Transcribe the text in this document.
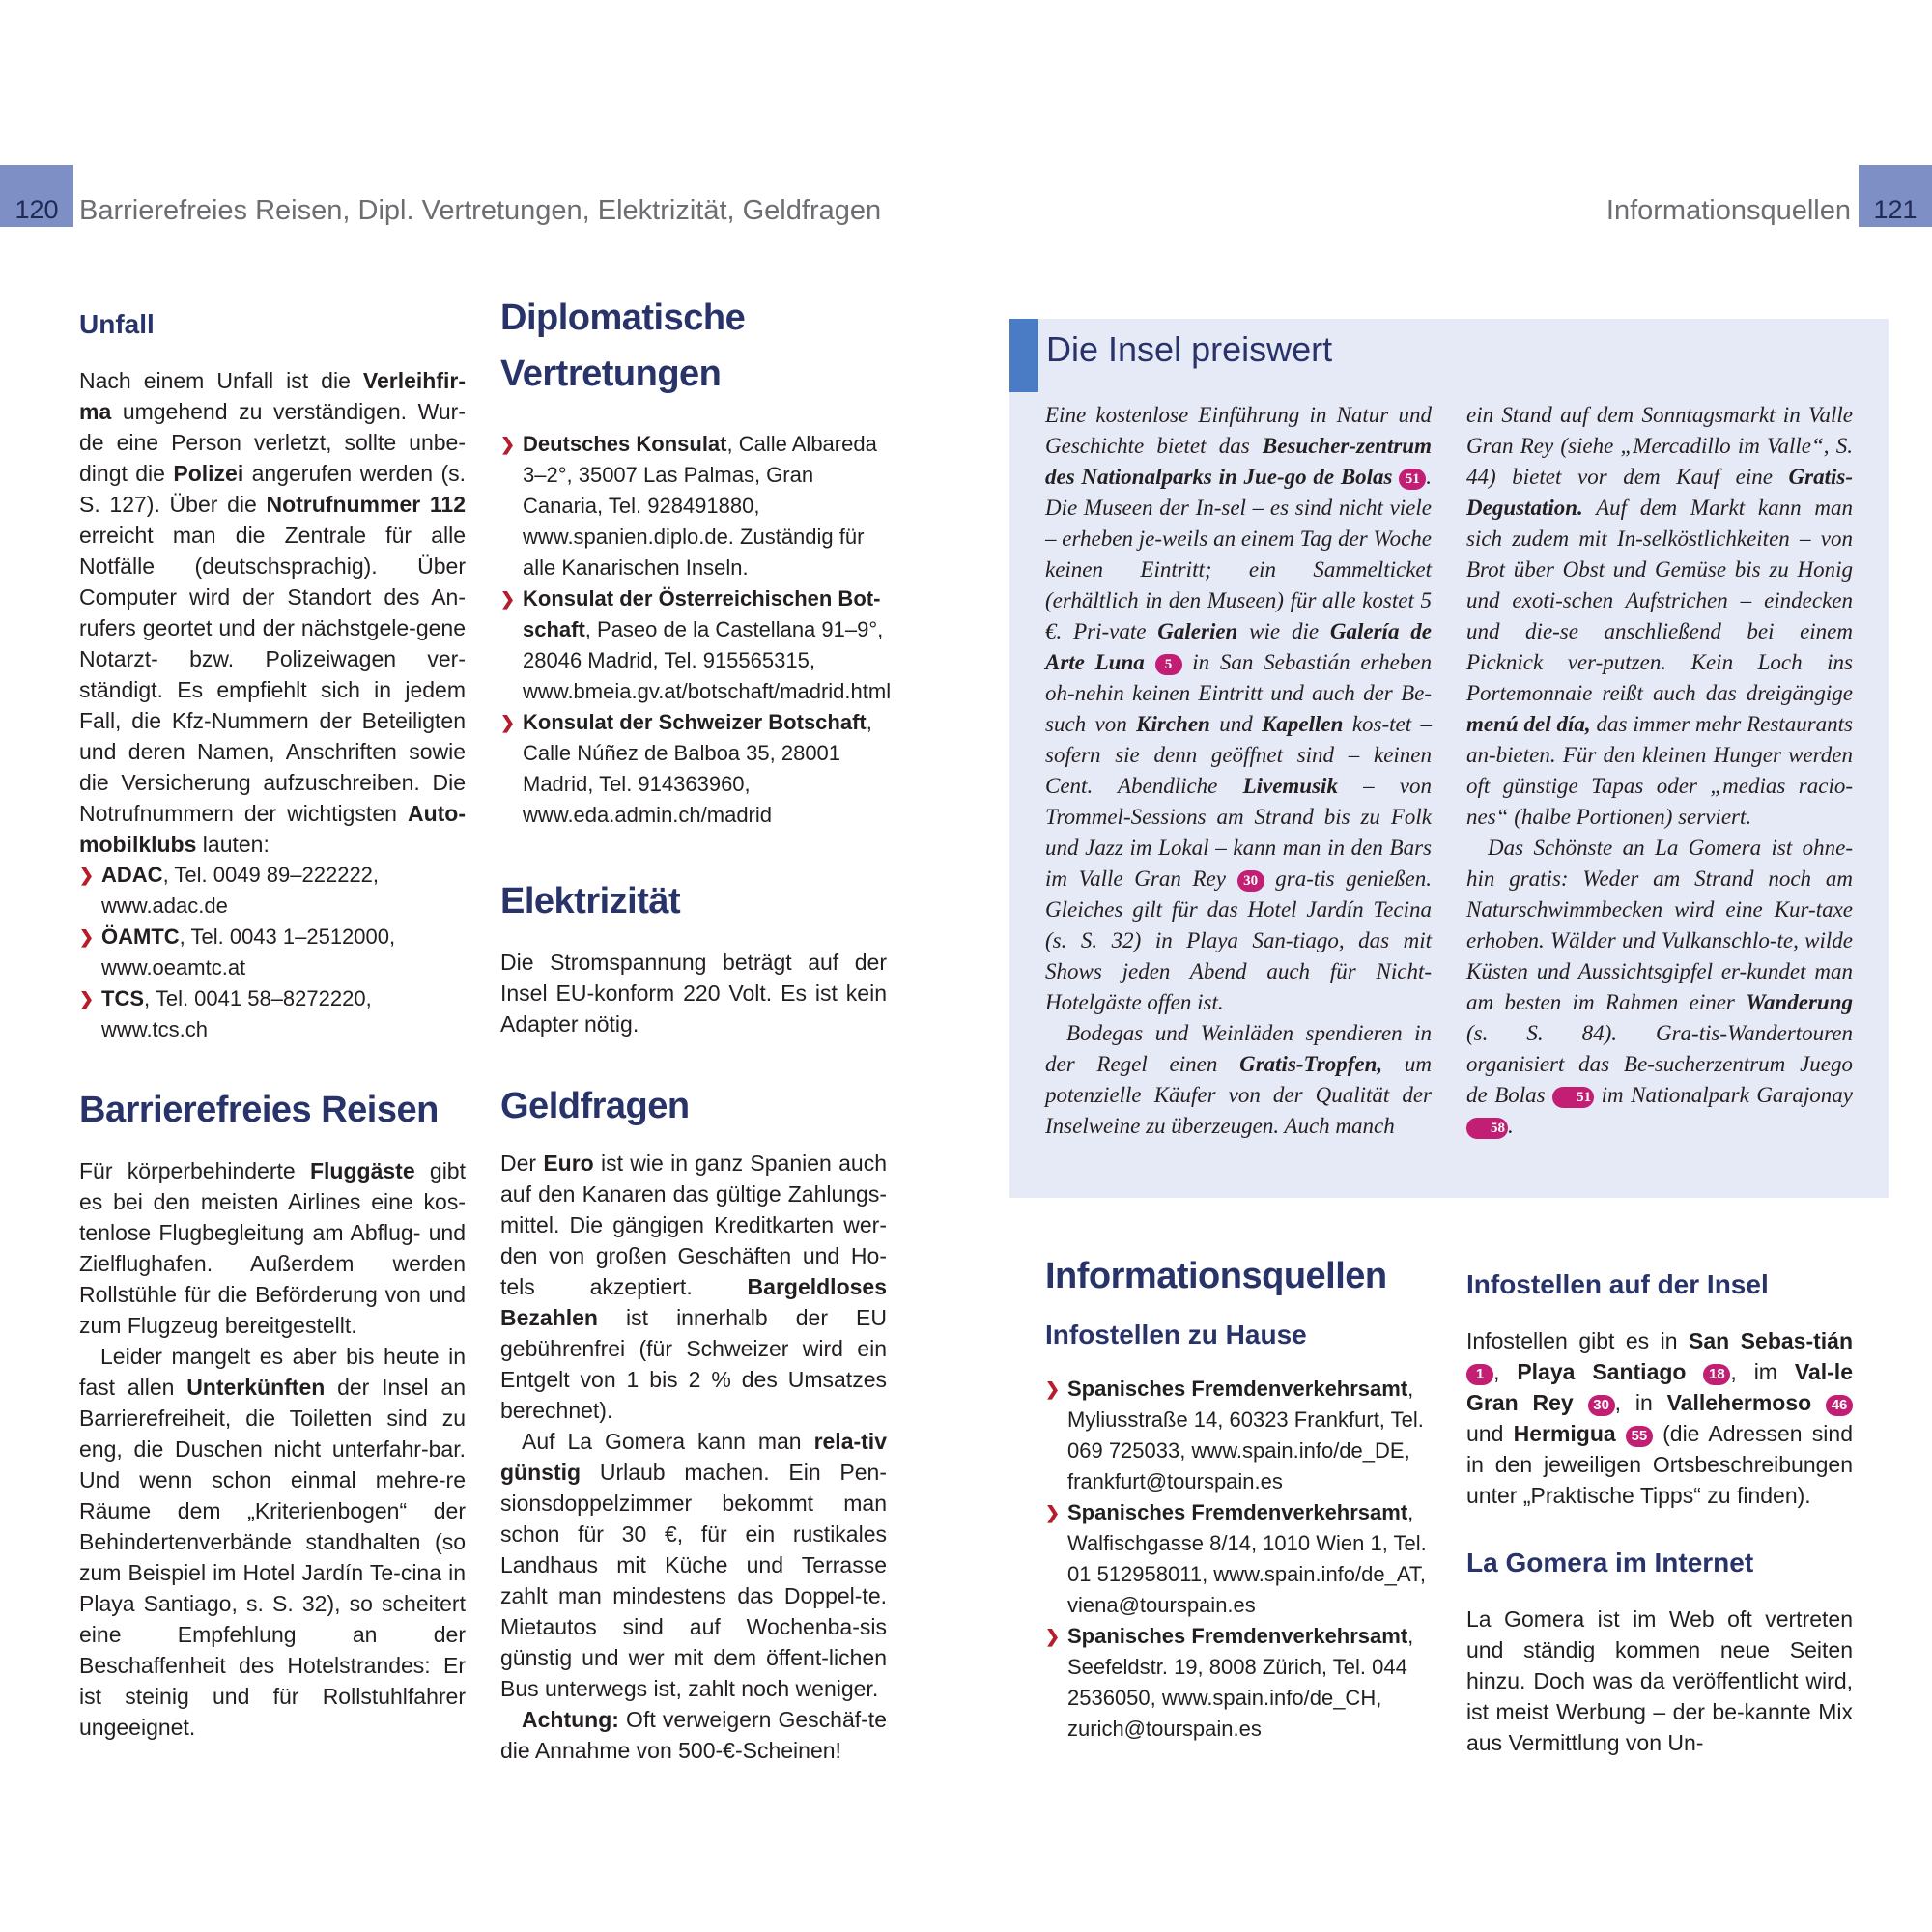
120 Barrierefreies Reisen, Dipl. Vertretungen, Elektrizität, Geldfragen	Informationsquellen 121
Unfall

Nach einem Unfall ist die Verleihfir-ma umgehend zu verständigen. Wur-de eine Person verletzt, sollte unbe-dingt die Polizei angerufen werden (s. S. 127). Über die Notrufnummer 112 erreicht man die Zentrale für alle Notfälle (deutschsprachig). Über Computer wird der Standort des An-rufers geortet und der nächstgele-gene Notarzt- bzw. Polizeiwagen ver-ständigt. Es empfiehlt sich in jedem Fall, die Kfz-Nummern der Beteiligten und deren Namen, Anschriften sowie die Versicherung aufzuschreiben. Die Notrufnummern der wichtigsten Auto-mobilklubs lauten:

❯ ADAC, Tel. 0049 89–222222, www.adac.de
❯ ÖAMTC, Tel. 0043 1–2512000, www.oeamtc.at
❯ TCS, Tel. 0041 58–8272220, www.tcs.ch
Barrierefreies Reisen

Für körperbehinderte Fluggäste gibt es bei den meisten Airlines eine kos-tenlose Flugbegleitung am Abflug- und Zielflughafen. Außerdem werden Rollstühle für die Beförderung von und zum Flugzeug bereitgestellt.

Leider mangelt es aber bis heute in fast allen Unterkünften der Insel an Barrierefreiheit, die Toiletten sind zu eng, die Duschen nicht unterfahr-bar. Und wenn schon einmal mehre-re Räume dem „Kriterienbogen“ der Behindertenverbände standhalten (so zum Beispiel im Hotel Jardín Te-cina in Playa Santiago, s. S. 32), so scheitert eine Empfehlung an der Beschaffenheit des Hotelstrandes: Er ist steinig und für Rollstuhlfahrer ungeeignet.

Diplomatische
Vertretungen
❯ Deutsches Konsulat, Calle Albareda 3–2°, 35007 Las Palmas, Gran Canaria, Tel. 928491880, www.spanien.diplo.de. Zuständig für alle Kanarischen Inseln.
❯ Konsulat der Österreichischen Bot-schaft, Paseo de la Castellana 91–9°, 28046 Madrid, Tel. 915565315, www.bmeia.gv.at/botschaft/madrid.html
❯ Konsulat der Schweizer Botschaft, Calle Núñez de Balboa 35, 28001 Madrid, Tel. 914363960, www.eda.admin.ch/madrid
Elektrizität

Die Stromspannung beträgt auf der Insel EU-konform 220 Volt. Es ist kein Adapter nötig.

Geldfragen

Der Euro ist wie in ganz Spanien auch auf den Kanaren das gültige Zahlungs-mittel. Die gängigen Kreditkarten wer-den von großen Geschäften und Ho-tels akzeptiert. Bargeldloses Bezahlen ist innerhalb der EU gebührenfrei (für Schweizer wird ein Entgelt von 1 bis 2 % des Umsatzes berechnet).

Auf La Gomera kann man rela-tiv günstig Urlaub machen. Ein Pen-sionsdoppelzimmer bekommt man schon für 30 €, für ein rustikales Landhaus mit Küche und Terrasse zahlt man mindestens das Doppel-te. Mietautos sind auf Wochenba-sis günstig und wer mit dem öffent-lichen Bus unterwegs ist, zahlt noch weniger.

Achtung: Oft verweigern Geschäf-te die Annahme von 500-€-Scheinen!

Die Insel preiswert

Eine kostenlose Einführung in Natur und Geschichte bietet das Besucher-zentrum des Nationalparks in Jue-go de Bolas 51 . Die Museen der In-sel – es sind nicht viele – erheben je-weils an einem Tag der Woche keinen Eintritt; ein Sammelticket (erhältlich in den Museen) für alle kostet 5 €. Pri-vate Galerien wie die Galería de Arte Luna 5 in San Sebastián erheben oh-nehin keinen Eintritt und auch der Be-such von Kirchen und Kapellen kos-tet – sofern sie denn geöffnet sind – keinen Cent. Abendliche Livemusik – von Trommel-Sessions am Strand bis zu Folk und Jazz im Lokal – kann man in den Bars im Valle Gran Rey 30 gra-tis genießen. Gleiches gilt für das Hotel Jardín Tecina (s. S. 32) in Playa San-tiago, das mit Shows jeden Abend auch für Nicht-Hotelgäste offen ist.

Bodegas und Weinläden spendieren in der Regel einen Gratis-Tropfen, um potenzielle Käufer von der Qualität der Inselweine zu überzeugen. Auch manch

ein Stand auf dem Sonntagsmarkt in Valle Gran Rey (siehe „Mercadillo im Valle“, S. 44) bietet vor dem Kauf eine Gratis-Degustation. Auf dem Markt kann man sich zudem mit In-selköstlichkeiten – von Brot über Obst und Gemüse bis zu Honig und exoti-schen Aufstrichen – eindecken und die-se anschließend bei einem Picknick ver-putzen. Kein Loch ins Portemonnaie reißt auch das dreigängige menú del día, das immer mehr Restaurants an-bieten. Für den kleinen Hunger werden oft günstige Tapas oder „medias racio-nes“ (halbe Portionen) serviert.

Das Schönste an La Gomera ist ohne-hin gratis: Weder am Strand noch am Naturschwimmbecken wird eine Kur-taxe erhoben. Wälder und Vulkanschlo-te, wilde Küsten und Aussichtsgipfel er-kundet man am besten im Rahmen einer Wanderung (s. S. 84). Gra-tis-Wandertouren organisiert das Be-sucherzentrum Juego de Bolas 51 im Nationalpark Garajonay 58 .

Informationsquellen
Infostellen zu Hause
❯ Spanisches Fremdenverkehrsamt, Myliusstraße 14, 60323 Frankfurt, Tel. 069 725033, www.spain.info/de_DE, frankfurt@tourspain.es
❯ Spanisches Fremdenverkehrsamt, Walfischgasse 8/14, 1010 Wien 1, Tel. 01 512958011, www.spain.info/de_AT, viena@tourspain.es
❯ Spanisches Fremdenverkehrsamt, Seefeldstr. 19, 8008 Zürich, Tel. 044 2536050, www.spain.info/de_CH, zurich@tourspain.es
Infostellen auf der Insel

Infostellen gibt es in San Sebas-tián 1 , Playa Santiago 18 , im Val-le Gran Rey 30 , in Vallehermoso 46 und Hermigua 55 (die Adressen sind in den jeweiligen Ortsbeschreibungen unter „Praktische Tipps“ zu finden).

La Gomera im Internet

La Gomera ist im Web oft vertreten und ständig kommen neue Seiten hinzu. Doch was da veröffentlicht wird, ist meist Werbung – der be-kannte Mix aus Vermittlung von Un-
